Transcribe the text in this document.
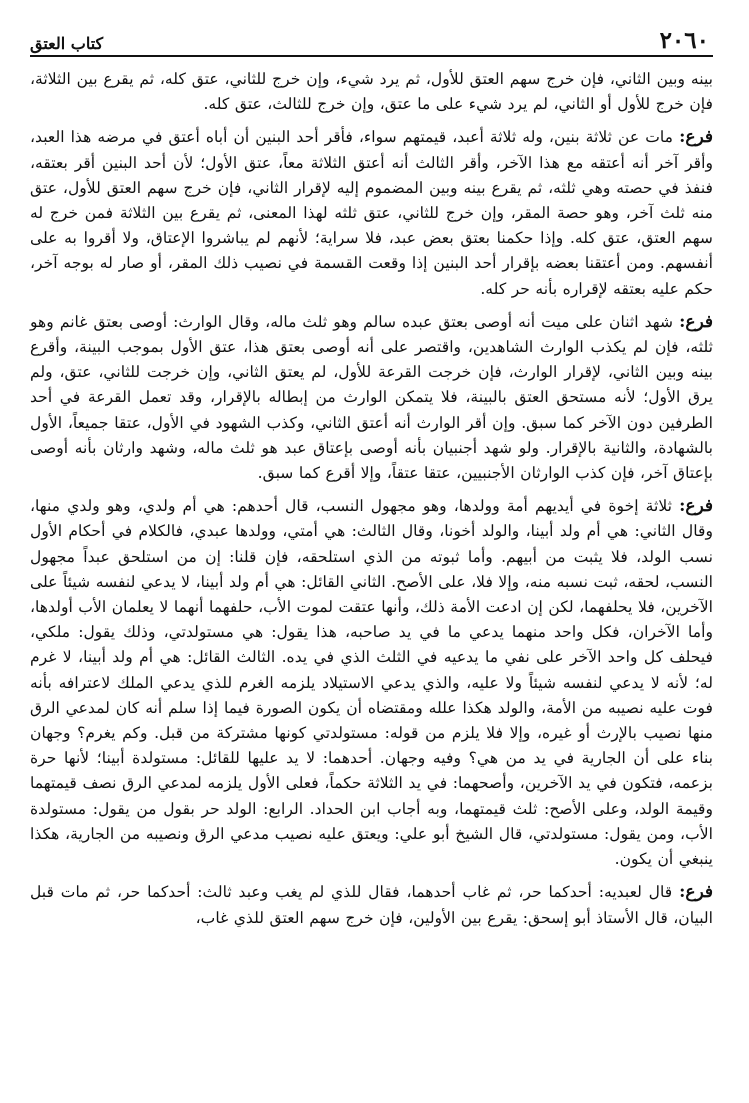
٢٠٦٠
كتاب العتق

بينه وبين الثاني، فإن خرج سهم العتق للأول، ثم يرد شيء، وإن خرج للثاني، عتق كله، ثم يقرع بين الثلاثة، فإن خرج للأول أو الثاني، لم يرد شيء على ما عتق، وإن خرج للثالث، عتق كله.

فرع: مات عن ثلاثة بنين، وله ثلاثة أعبد، قيمتهم سواء، فأقر أحد البنين أن أباه أعتق في مرضه هذا العبد، وأقر آخر أنه أعتقه مع هذا الآخر، وأقر الثالث أنه أعتق الثلاثة معاً، عتق الأول؛ لأن أحد البنين أقر بعتقه، فنفذ في حصته وهي ثلثه، ثم يقرع بينه وبين المضموم إليه لإقرار الثاني، فإن خرج سهم العتق للأول، عتق منه ثلث آخر، وهو حصة المقر، وإن خرج للثاني، عتق ثلثه لهذا المعنى، ثم يقرع بين الثلاثة فمن خرج له سهم العتق، عتق كله. وإذا حكمنا بعتق بعض عبد، فلا سراية؛ لأنهم لم يباشروا الإعتاق، ولا أقروا به على أنفسهم. ومن أعتقنا بعضه بإقرار أحد البنين إذا وقعت القسمة في نصيب ذلك المقر، أو صار له بوجه آخر، حكم عليه بعتقه لإقراره بأنه حر كله.

فرع: شهد اثنان على ميت أنه أوصى بعتق عبده سالم وهو ثلث ماله، وقال الوارث: أوصى بعتق غانم وهو ثلثه، فإن لم يكذب الوارث الشاهدين، واقتصر على أنه أوصى بعتق هذا، عتق الأول بموجب البينة، وأقرع بينه وبين الثاني، لإقرار الوارث، فإن خرجت القرعة للأول، لم يعتق الثاني، وإن خرجت للثاني، عتق، ولم يرق الأول؛ لأنه مستحق العتق بالبينة، فلا يتمكن الوارث من إبطاله بالإقرار، وقد تعمل القرعة في أحد الطرفين دون الآخر كما سبق. وإن أقر الوارث أنه أعتق الثاني، وكذب الشهود في الأول، عتقا جميعاً، الأول بالشهادة، والثانية بالإقرار. ولو شهد أجنبيان بأنه أوصى بإعتاق عبد هو ثلث ماله، وشهد وارثان بأنه أوصى بإعتاق آخر، فإن كذب الوارثان الأجنبيين، عتقا عتقاً، وإلا أقرع كما سبق.

فرع: ثلاثة إخوة في أيديهم أمة وولدها، وهو مجهول النسب، قال أحدهم: هي أم ولدي، وهو ولدي منها، وقال الثاني: هي أم ولد أبينا، والولد أخونا، وقال الثالث: هي أمتي، وولدها عبدي، فالكلام في أحكام الأول نسب الولد، فلا يثبت من أبيهم. وأما ثبوته من الذي استلحقه، فإن قلنا: إن من استلحق عبداً مجهول النسب، لحقه، ثبت نسبه منه، وإلا فلا، على الأصح. الثاني القائل: هي أم ولد أبينا، لا يدعي لنفسه شيئاً على الآخرين، فلا يحلفهما، لكن إن ادعت الأمة ذلك، وأنها عتقت لموت الأب، حلفهما أنهما لا يعلمان الأب أولدها، وأما الآخران، فكل واحد منهما يدعي ما في يد صاحبه، هذا يقول: هي مستولدتي، وذلك يقول: ملكي، فيحلف كل واحد الآخر على نفي ما يدعيه في الثلث الذي في يده. الثالث القائل: هي أم ولد أبينا، لا غرم له؛ لأنه لا يدعي لنفسه شيئاً ولا عليه، والذي يدعي الاستيلاد يلزمه الغرم للذي يدعي الملك لاعترافه بأنه فوت عليه نصيبه من الأمة، والولد هكذا علله ومقتضاه أن يكون الصورة فيما إذا سلم أنه كان لمدعي الرق منها نصيب بالإرث أو غيره، وإلا فلا يلزم من قوله: مستولدتي كونها مشتركة من قبل. وكم يغرم؟ وجهان بناء على أن الجارية في يد من هي؟ وفيه وجهان. أحدهما: لا يد عليها للقائل: مستولدة أبينا؛ لأنها حرة بزعمه، فتكون في يد الآخرين، وأصحهما: في يد الثلاثة حكماً، فعلى الأول يلزمه لمدعي الرق نصف قيمتهما وقيمة الولد، وعلى الأصح: ثلث قيمتهما، وبه أجاب ابن الحداد. الرابع: الولد حر بقول من يقول: مستولدة الأب، ومن يقول: مستولدتي، قال الشيخ أبو علي: ويعتق عليه نصيب مدعي الرق ونصيبه من الجارية، هكذا ينبغي أن يكون.

فرع: قال لعبديه: أحدكما حر، ثم غاب أحدهما، فقال للذي لم يغب وعبد ثالث: أحدكما حر، ثم مات قبل البيان، قال الأستاذ أبو إسحق: يقرع بين الأولين، فإن خرج سهم العتق للذي غاب،
